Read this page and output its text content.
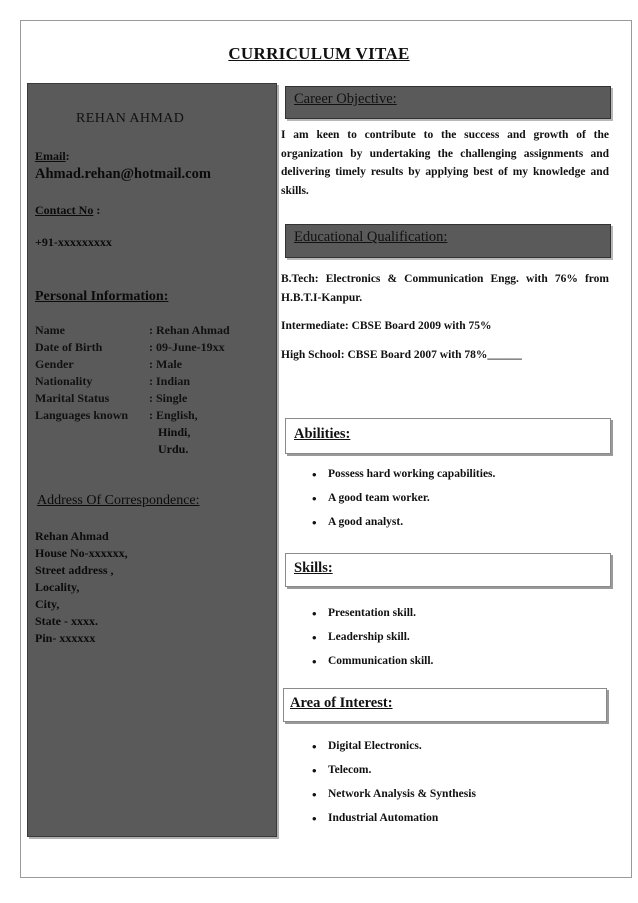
CURRICULUM VITAE
REHAN AHMAD
Email:
Ahmad.rehan@hotmail.com
Contact No :
+91-xxxxxxxxx
Personal Information:
Name	: Rehan Ahmad
Date of Birth	: 09-June-19xx
Gender	: Male
Nationality	: Indian
Marital Status	: Single
Languages known : English,
Hindi,
Urdu.
Address Of Correspondence:
Rehan Ahmad
House No-xxxxxx,
Street address ,
Locality,
City,
State - xxxx.
Pin- xxxxxx
Career Objective:
I am keen to contribute to the success and growth of the organization by undertaking the challenging assignments and delivering timely results by applying best of my knowledge and skills.
Educational Qualification:
B.Tech: Electronics & Communication Engg. with 76% from H.B.T.I-Kanpur.
Intermediate: CBSE Board 2009 with 75%
High School: CBSE Board 2007 with 78%______
Abilities:
• Possess hard working capabilities.
• A good team worker.
• A good analyst.
Skills:
• Presentation skill.
• Leadership skill.
• Communication skill.
Area of Interest:
• Digital Electronics.
• Telecom.
• Network Analysis & Synthesis
• Industrial Automation
